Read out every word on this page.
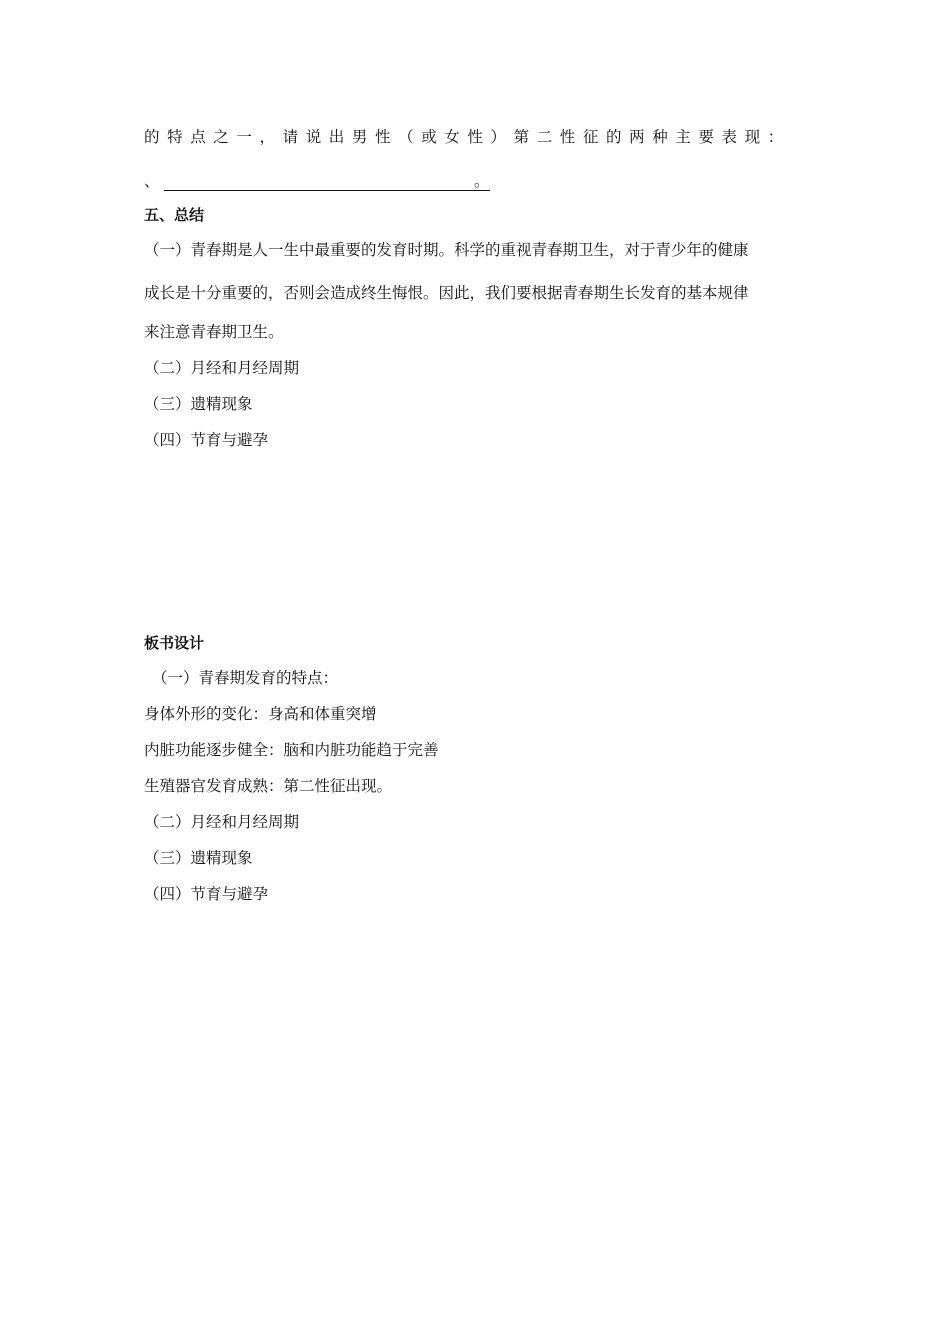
的特点之一，请说出男性（或女性）第二性征的两种主要表现：
、	。
五、总结
（一）青春期是人一生中最重要的发育时期。科学的重视青春期卫生，对于青少年的健康
成长是十分重要的，否则会造成终生悔恨。因此，我们要根据青春期生长发育的基本规律
来注意青春期卫生。
（二）月经和月经周期
（三）遗精现象
（四）节育与避孕
板书设计
（一）青春期发育的特点：
身体外形的变化：身高和体重突增
内脏功能逐步健全：脑和内脏功能趋于完善
生殖器官发育成熟：第二性征出现。
（二）月经和月经周期
（三）遗精现象
（四）节育与避孕
